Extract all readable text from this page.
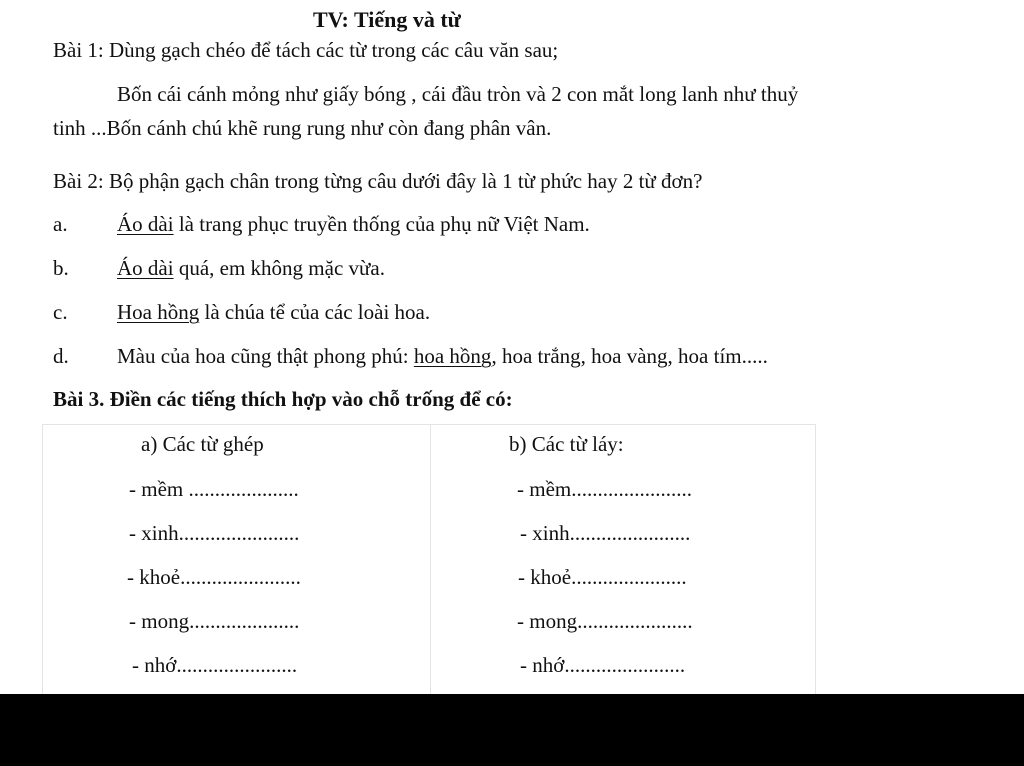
TV: Tiếng và từ
Bài 1: Dùng gạch chéo để tách các từ trong các câu văn sau;
Bốn cái cánh mỏng như giấy bóng , cái đầu tròn và 2 con mắt long lanh như thuỷ
tinh ...Bốn cánh chú khẽ rung rung như còn đang phân vân.
Bài 2: Bộ phận gạch chân trong từng câu dưới đây là 1 từ phức hay 2 từ đơn?
a. Áo dài là trang phục truyền thống của phụ nữ Việt Nam.
b. Áo dài quá, em không mặc vừa.
c. Hoa hồng là chúa tể của các loài hoa.
d. Màu của hoa cũng thật phong phú: hoa hồng, hoa trắng, hoa vàng, hoa tím.....
Bài 3. Điền các tiếng thích hợp vào chỗ trống để có:
a) Các từ ghép	b) Các từ láy:
- mềm .....................
- xinh.......................
- khoẻ.......................
- mong.....................
- nhớ.......................
- mềm.......................
- xinh.......................
- khoẻ......................
- mong......................
- nhớ.......................
